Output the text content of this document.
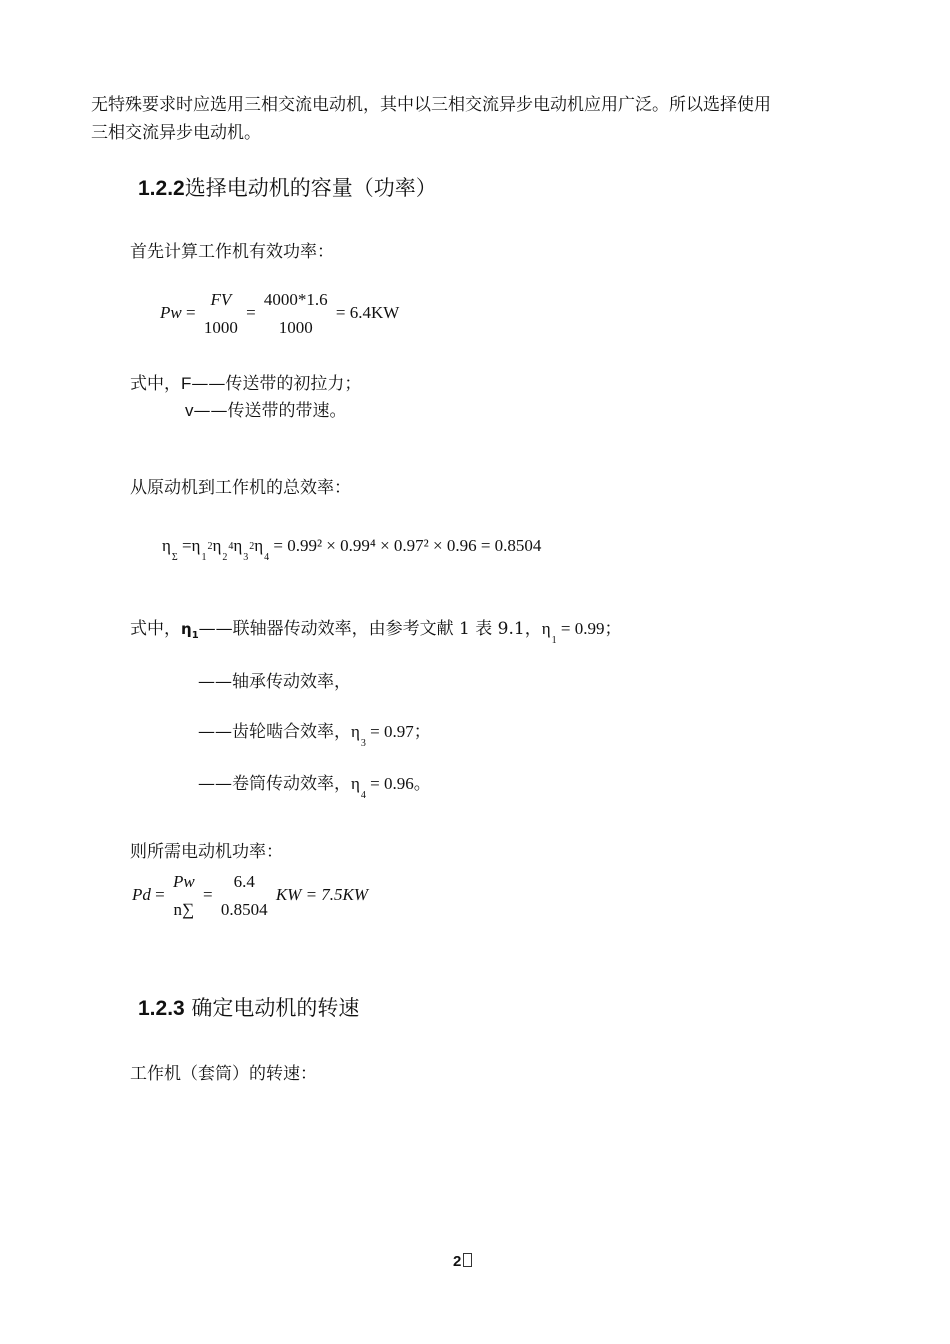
无特殊要求时应选用三相交流电动机，其中以三相交流异步电动机应用广泛。所以选择使用
三相交流异步电动机。
1.2.2选择电动机的容量（功率）
首先计算工作机有效功率：
Pw =
FV
1000
=
4000*1.6
1000
= 6.4KW
式中，F——传送带的初拉力；
v——传送带的带速。
从原动机到工作机的总效率：
$\eta_\Sigma =\eta_12\eta_24\eta_32\eta_4 = 0.99^2 \times 0.99^4 \times 0.97^2 \times 0.96 = 0.8504$
式中，$\eta_1——$联轴器传动效率，由参考文献 1 表 9.1，$\eta_1 = 0.99$；
——轴承传动效率，
——齿轮啮合效率，$\eta_3 = 0.97$；
——卷筒传动效率，$\eta_4 = 0.96$。
则所需电动机功率：
Pd =
Pw
n∑
=
6.4
0.8504
KW = 7.5KW
1.2.3 确定电动机的转速
工作机（套筒）的转速：
2
